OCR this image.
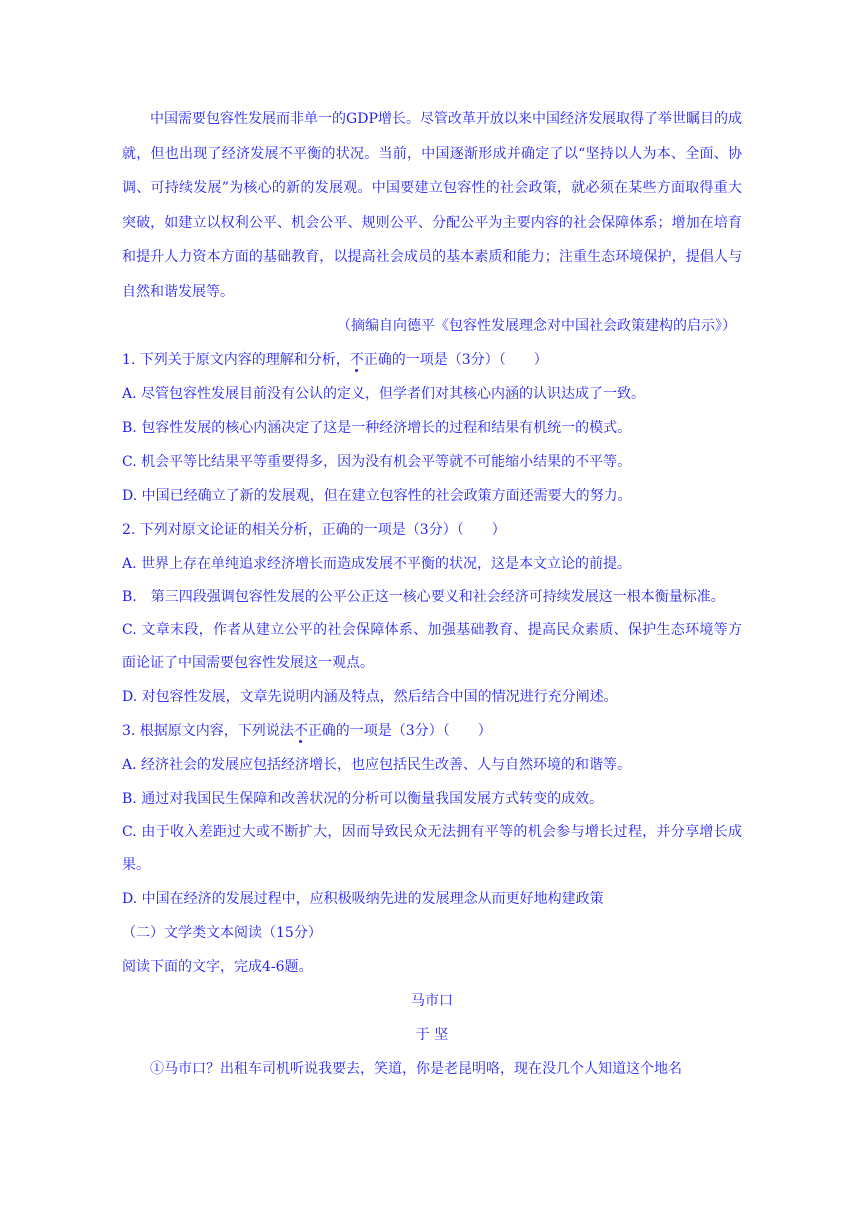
中国需要包容性发展而非单一的GDP增长。尽管改革开放以来中国经济发展取得了举世瞩目的成就，但也出现了经济发展不平衡的状况。当前，中国逐渐形成并确定了以“坚持以人为本、全面、协调、可持续发展”为核心的新的发展观。中国要建立包容性的社会政策，就必须在某些方面取得重大突破，如建立以权利公平、机会公平、规则公平、分配公平为主要内容的社会保障体系；增加在培育和提升人力资本方面的基础教育，以提高社会成员的基本素质和能力；注重生态环境保护，提倡人与自然和谐发展等。

（摘编自向德平《包容性发展理念对中国社会政策建构的启示》）

1. 下列关于原文内容的理解和分析，不正确的一项是（3分）（　　）

A. 尽管包容性发展目前没有公认的定义，但学者们对其核心内涵的认识达成了一致。

B. 包容性发展的核心内涵决定了这是一种经济增长的过程和结果有机统一的模式。

C. 机会平等比结果平等重要得多，因为没有机会平等就不可能缩小结果的不平等。

D. 中国已经确立了新的发展观，但在建立包容性的社会政策方面还需要大的努力。

2. 下列对原文论证的相关分析，正确的一项是（3分）（　　）

A. 世界上存在单纯追求经济增长而造成发展不平衡的状况，这是本文立论的前提。

B.　第三四段强调包容性发展的公平公正这一核心要义和社会经济可持续发展这一根本衡量标准。

C. 文章末段，作者从建立公平的社会保障体系、加强基础教育、提高民众素质、保护生态环境等方面论证了中国需要包容性发展这一观点。

D. 对包容性发展，文章先说明内涵及特点，然后结合中国的情况进行充分阐述。

3. 根据原文内容，下列说法不正确的一项是（3分）（　　）

A. 经济社会的发展应包括经济增长，也应包括民生改善、人与自然环境的和谐等。

B. 通过对我国民生保障和改善状况的分析可以衡量我国发展方式转变的成效。

C. 由于收入差距过大或不断扩大，因而导致民众无法拥有平等的机会参与增长过程，并分享增长成果。

D. 中国在经济的发展过程中，应积极吸纳先进的发展理念从而更好地构建政策

（二）文学类文本阅读（15分）

阅读下面的文字，完成4-6题。

马市口

于 坚

①马市口？出租车司机听说我要去，笑道，你是老昆明咯，现在没几个人知道这个地名
